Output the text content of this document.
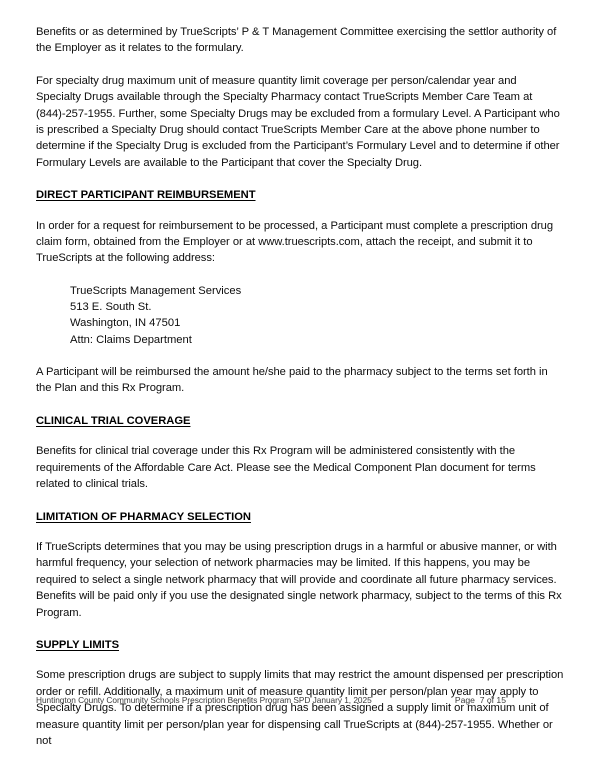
Benefits or as determined by TrueScripts’ P & T Management Committee exercising the settlor authority of the Employer as it relates to the formulary.

For specialty drug maximum unit of measure quantity limit coverage per person/calendar year and Specialty Drugs available through the Specialty Pharmacy contact TrueScripts Member Care Team at (844)-257-1955. Further, some Specialty Drugs may be excluded from a formulary Level. A Participant who is prescribed a Specialty Drug should contact TrueScripts Member Care at the above phone number to determine if the Specialty Drug is excluded from the Participant’s Formulary Level and to determine if other Formulary Levels are available to the Participant that cover the Specialty Drug.

DIRECT PARTICIPANT REIMBURSEMENT

In order for a request for reimbursement to be processed, a Participant must complete a prescription drug claim form, obtained from the Employer or at www.truescripts.com, attach the receipt, and submit it to TrueScripts at the following address:

TrueScripts Management Services
513 E. South St.
Washington, IN 47501
Attn: Claims Department

A Participant will be reimbursed the amount he/she paid to the pharmacy subject to the terms set forth in the Plan and this Rx Program.

CLINICAL TRIAL COVERAGE

Benefits for clinical trial coverage under this Rx Program will be administered consistently with the requirements of the Affordable Care Act. Please see the Medical Component Plan document for terms related to clinical trials.

LIMITATION OF PHARMACY SELECTION

If TrueScripts determines that you may be using prescription drugs in a harmful or abusive manner, or with harmful frequency, your selection of network pharmacies may be limited. If this happens, you may be required to select a single network pharmacy that will provide and coordinate all future pharmacy services. Benefits will be paid only if you use the designated single network pharmacy, subject to the terms of this Rx Program.

SUPPLY LIMITS

Some prescription drugs are subject to supply limits that may restrict the amount dispensed per prescription order or refill. Additionally, a maximum unit of measure quantity limit per person/plan year may apply to Specialty Drugs. To determine if a prescription drug has been assigned a supply limit or maximum unit of measure quantity limit per person/plan year for dispensing call TrueScripts at (844)-257-1955. Whether or not

Huntington County Community Schools Prescription Benefits Program SPD January 1, 2025	Page  7 of 15
